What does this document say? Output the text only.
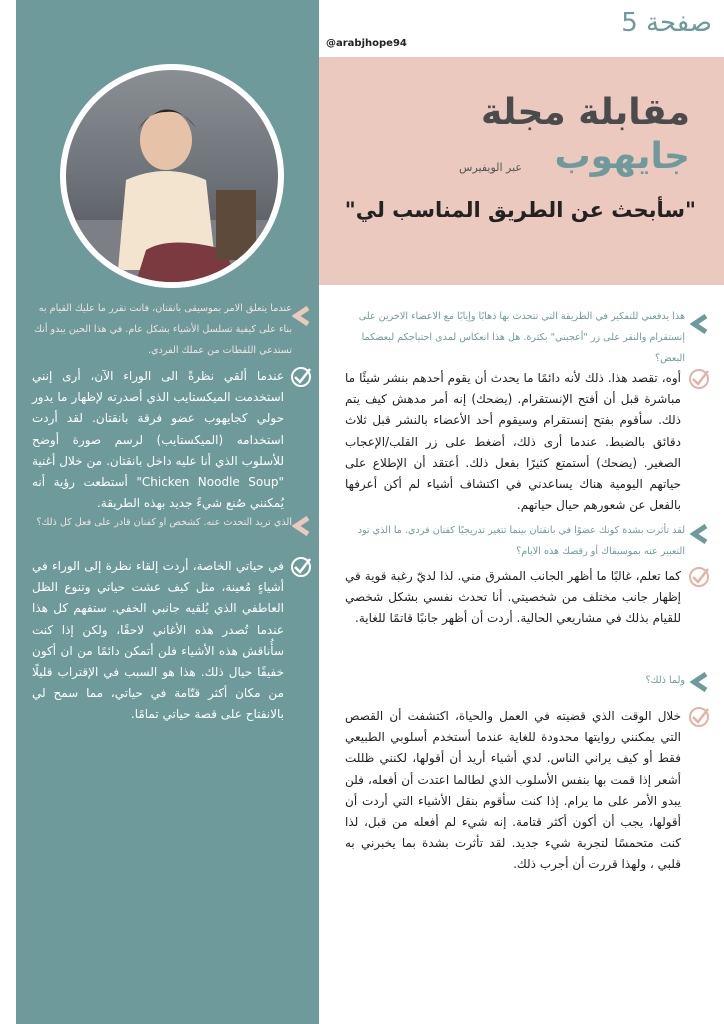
صفحة 5
@arabjhope94
مقابلة مجلة
جايهوب
عبر الويفيرس
"سأبحث عن الطريق المناسب لي"
هذا يدفعني للتفكير في الطريقة التي تتحدث بها ذهابًا وإيابًا مع الاعضاء الاخرين على إنستقرام والنقر على زر "أعجبني" بكثرة. هل هذا انعكاس لمدى احتياجكم لبعضكما البعض؟
أوه، تقصد هذا. ذلك لأنه دائمًا ما يحدث أن يقوم أحدهم بنشر شيئًا ما مباشرة قبل أن أفتح الإنستقرام. (يضحك) إنه أمر مدهش كيف يتم ذلك. سأقوم بفتح إنستقرام وسيقوم أحد الأعضاء بالنشر قبل ثلاث دقائق بالضبط. عندما أرى ذلك، أضغط على زر القلب/الإعجاب الصغير. (يضحك) أستمتع كثيرًا بفعل ذلك. أعتقد أن الإطلاع على حياتهم اليومية هناك يساعدني في اكتشاف أشياء لم أكن أعرفها بالفعل عن شعورهم حيال حياتهم.
لقد تأثرت بشدة كونك عضوًا في بانقتان بينما تتغير تدريجيًا كفنان فردي. ما الذي تود التعبير عنه بموسيقاك أو رقصك هذه الايام؟
كما تعلم، غالبًا ما أظهر الجانب المشرق مني. لذا لديّ رغبة قوية في إظهار جانب مختلف من شخصيتي. أنا تحدث نفسي بشكل شخصي للقيام بذلك في مشاريعي الحالية. أردت أن أظهر جانبًا قاتمًا للغاية.
ولما ذلك؟
خلال الوقت الذي قضيته في العمل والحياة، اكتشفت أن القصص التي يمكنني روايتها محدودة للغاية عندما أستخدم أسلوبي الطبيعي فقط أو كيف يراني الناس. لدي أشياء أريد أن أقولها، لكنني ظللت أشعر إذا قمت بها بنفس الأسلوب الذي لطالما اعتدت أن أفعله، فلن يبدو الأمر على ما يرام. إذا كنت سأقوم بنقل الأشياء التي أردت أن أقولها، يجب أن أكون أكثر قتامة. إنه شيء لم أفعله من قبل، لذا كنت متحمسًا لتجربة شيء جديد. لقد تأثرت بشدة بما يخبرني به قلبي ، ولهذا قررت أن أجرب ذلك.
عندما يتعلق الامر بموسيقى بانقتان، فانت تقرر ما عليك القيام به بناء على كيفية تسلسل الأشياء بشكل عام. في هذا الحين يبدو أنك تستدعي اللقطات من عملك الفردي.
عندما ألقي نظرةً الى الوراء الآن، أرى إنني استخدمت الميكستايب الذي أصدرته لإظهار ما يدور حولي كجايهوب عضو فرقة بانقتان. لقد أردت استخدامه (الميكستايب) لرسم صورة أوضح للأسلوب الذي أنا عليه داخل بانقتان. من خلال أغنية "Chicken Noodle Soup" أستطعت رؤية أنه يُمكنني صُنع شيءً جديد بهذه الطريقة.
الذي تريد التحدث عنه. كشخص او كفنان قادر على فعل كل ذلك؟
في حياتي الخاصة، أردت إلقاء نظرة إلى الوراء في أشياءٍ مُعينة، مثل كيف عشت حياتي وتنوع الظل العاطفي الذي يُلقيه جانبي الخفي. ستفهم كل هذا عندما تُصدر هذه الأغاني لاحقًا، ولكن إذا كنت سأُناقش هذه الأشياء فلن أتمكن دائمًا من ان أكون خفيفًا حيال ذلك. هذا هو السبب في الإقتراب قليلًا من مكان أكثر قتّامة في حياتي، مما سمح لي بالانفتاح على قصة حياتي تمامًا.
